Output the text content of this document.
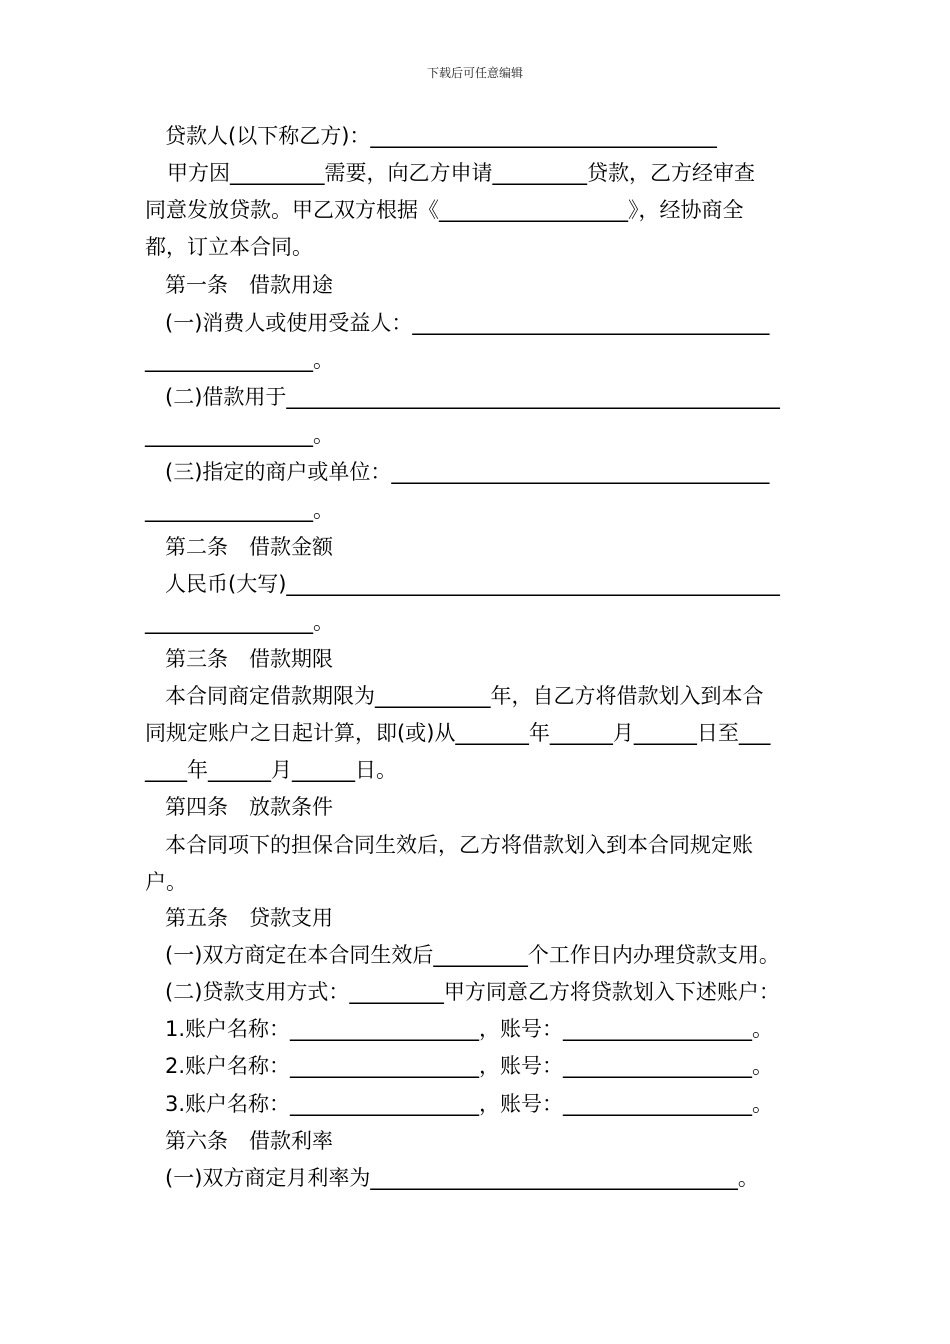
下载后可任意编辑
贷款人(以下称乙方)：_________________________________
甲方因_________需要，向乙方申请_________贷款，乙方经审查
同意发放贷款。甲乙双方根据《__________________》，经协商全
都，订立本合同。
第一条　借款用途
(一)消费人或使用受益人：__________________________________
________________。
(二)借款用于_______________________________________________
________________。
(三)指定的商户或单位：____________________________________
________________。
第二条　借款金额
人民币(大写)_______________________________________________
________________。
第三条　借款期限
本合同商定借款期限为___________年，自乙方将借款划入到本合
同规定账户之日起计算，即(或)从_______年______月______日至___
____年______月______日。
第四条　放款条件
本合同项下的担保合同生效后，乙方将借款划入到本合同规定账
户。
第五条　贷款支用
(一)双方商定在本合同生效后_________个工作日内办理贷款支用。
(二)贷款支用方式：_________甲方同意乙方将贷款划入下述账户：
1.账户名称：__________________，账号：__________________。
2.账户名称：__________________，账号：__________________。
3.账户名称：__________________，账号：__________________。
第六条　借款利率
(一)双方商定月利率为___________________________________。
